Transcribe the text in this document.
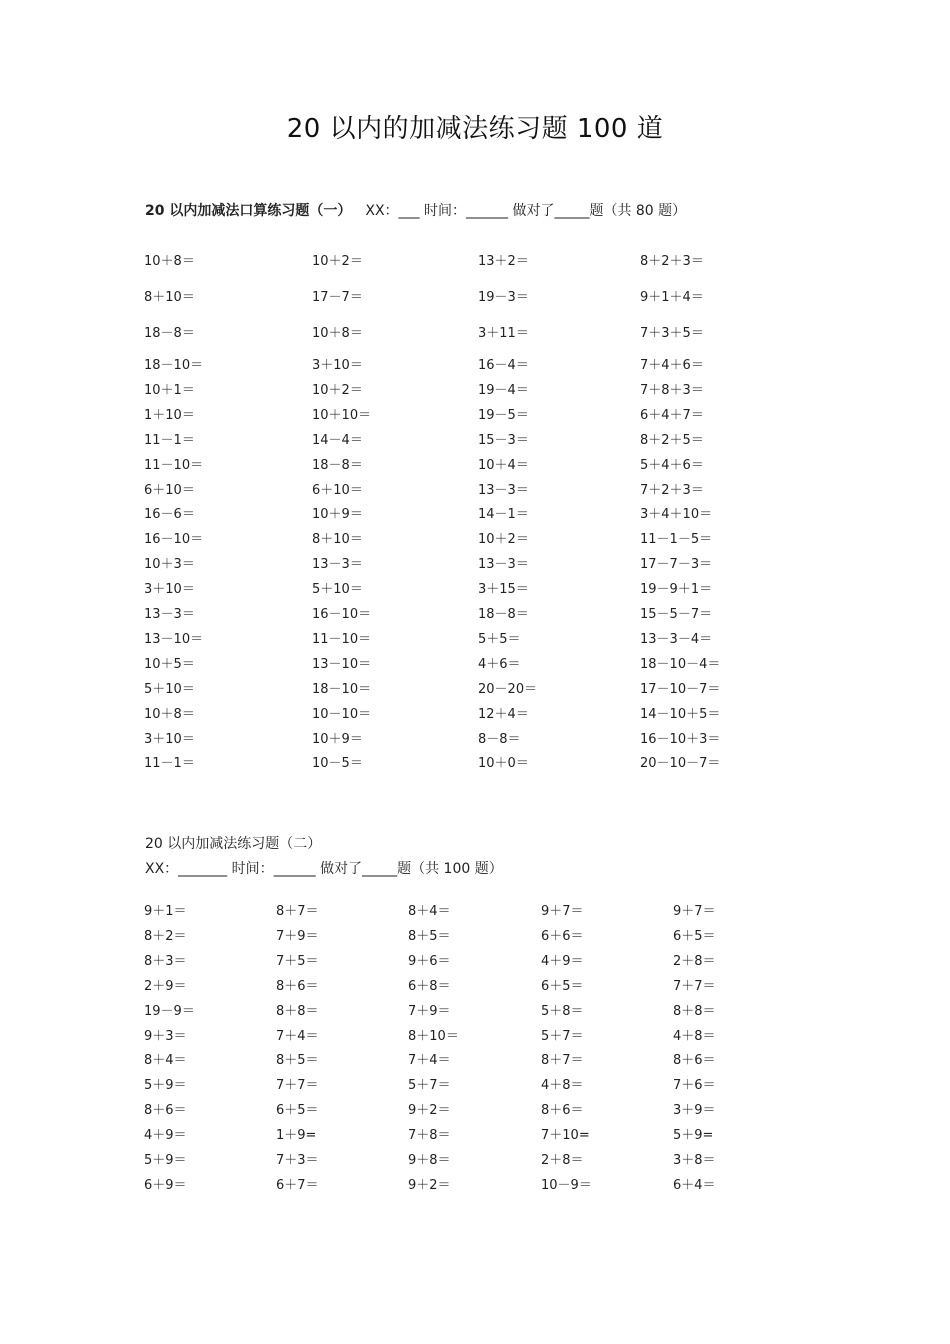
20 以内的加减法练习题 100 道
20 以内加减法口算练习题（一） XX：___ 时间：______ 做对了_____题（共 80 题）
10＋8＝	10＋2＝	13＋2＝	8＋2＋3＝
8＋10＝	17－7＝	19－3＝	9＋1＋4＝
18－8＝	10＋8＝	3＋11＝	7＋3＋5＝
18－10＝	3＋10＝	16－4＝	7＋4＋6＝
10＋1＝	10＋2＝	19－4＝	7＋8＋3＝
1＋10＝	10＋10＝	19－5＝	6＋4＋7＝
11－1＝	14－4＝	15－3＝	8＋2＋5＝
11－10＝	18－8＝	10＋4＝	5＋4＋6＝
6＋10＝	6＋10＝	13－3＝	7＋2＋3＝
16－6＝	10＋9＝	14－1＝	3＋4＋10＝
16－10＝	8＋10＝	10＋2＝	11－1－5＝
10＋3＝	13－3＝	13－3＝	17－7－3＝
3＋10＝	5＋10＝	3＋15＝	19－9＋1＝
13－3＝	16－10＝	18－8＝	15－5－7＝
13－10＝	11－10＝	5＋5＝	13－3－4＝
10＋5＝	13－10＝	4＋6＝	18－10－4＝
5＋10＝	18－10＝	20－20＝	17－10－7＝
10＋8＝	10－10＝	12＋4＝	14－10＋5＝
3＋10＝	10＋9＝	8－8＝	16－10＋3＝
11－1＝	10－5＝	10＋0＝	20－10－7＝
20 以内加减法练习题（二）
XX：_______ 时间：______ 做对了_____题（共 100 题）
9＋1＝	8＋7＝	8＋4＝	9＋7＝	9＋7＝
8＋2＝	7＋9＝	8＋5＝	6＋6＝	6＋5＝
8＋3＝	7＋5＝	9＋6＝	4＋9＝	2＋8＝
2＋9＝	8＋6＝	6＋8＝	6＋5＝	7＋7＝
19－9＝	8＋8＝	7＋9＝	5＋8＝	8＋8＝
9＋3＝	7＋4＝	8＋10＝	5＋7＝	4＋8＝
8＋4＝	8＋5＝	7＋4＝	8＋7＝	8＋6＝
5＋9＝	7＋7＝	5＋7＝	4＋8＝	7＋6＝
8＋6＝	6＋5＝	9＋2＝	8＋6＝	3＋9＝
4＋9＝	1＋9=	7＋8＝	7＋10=	5＋9=
5＋9＝	7＋3＝	9＋8＝	2＋8＝	3＋8＝
6＋9＝	6＋7＝	9＋2＝	10－9＝	6＋4＝
